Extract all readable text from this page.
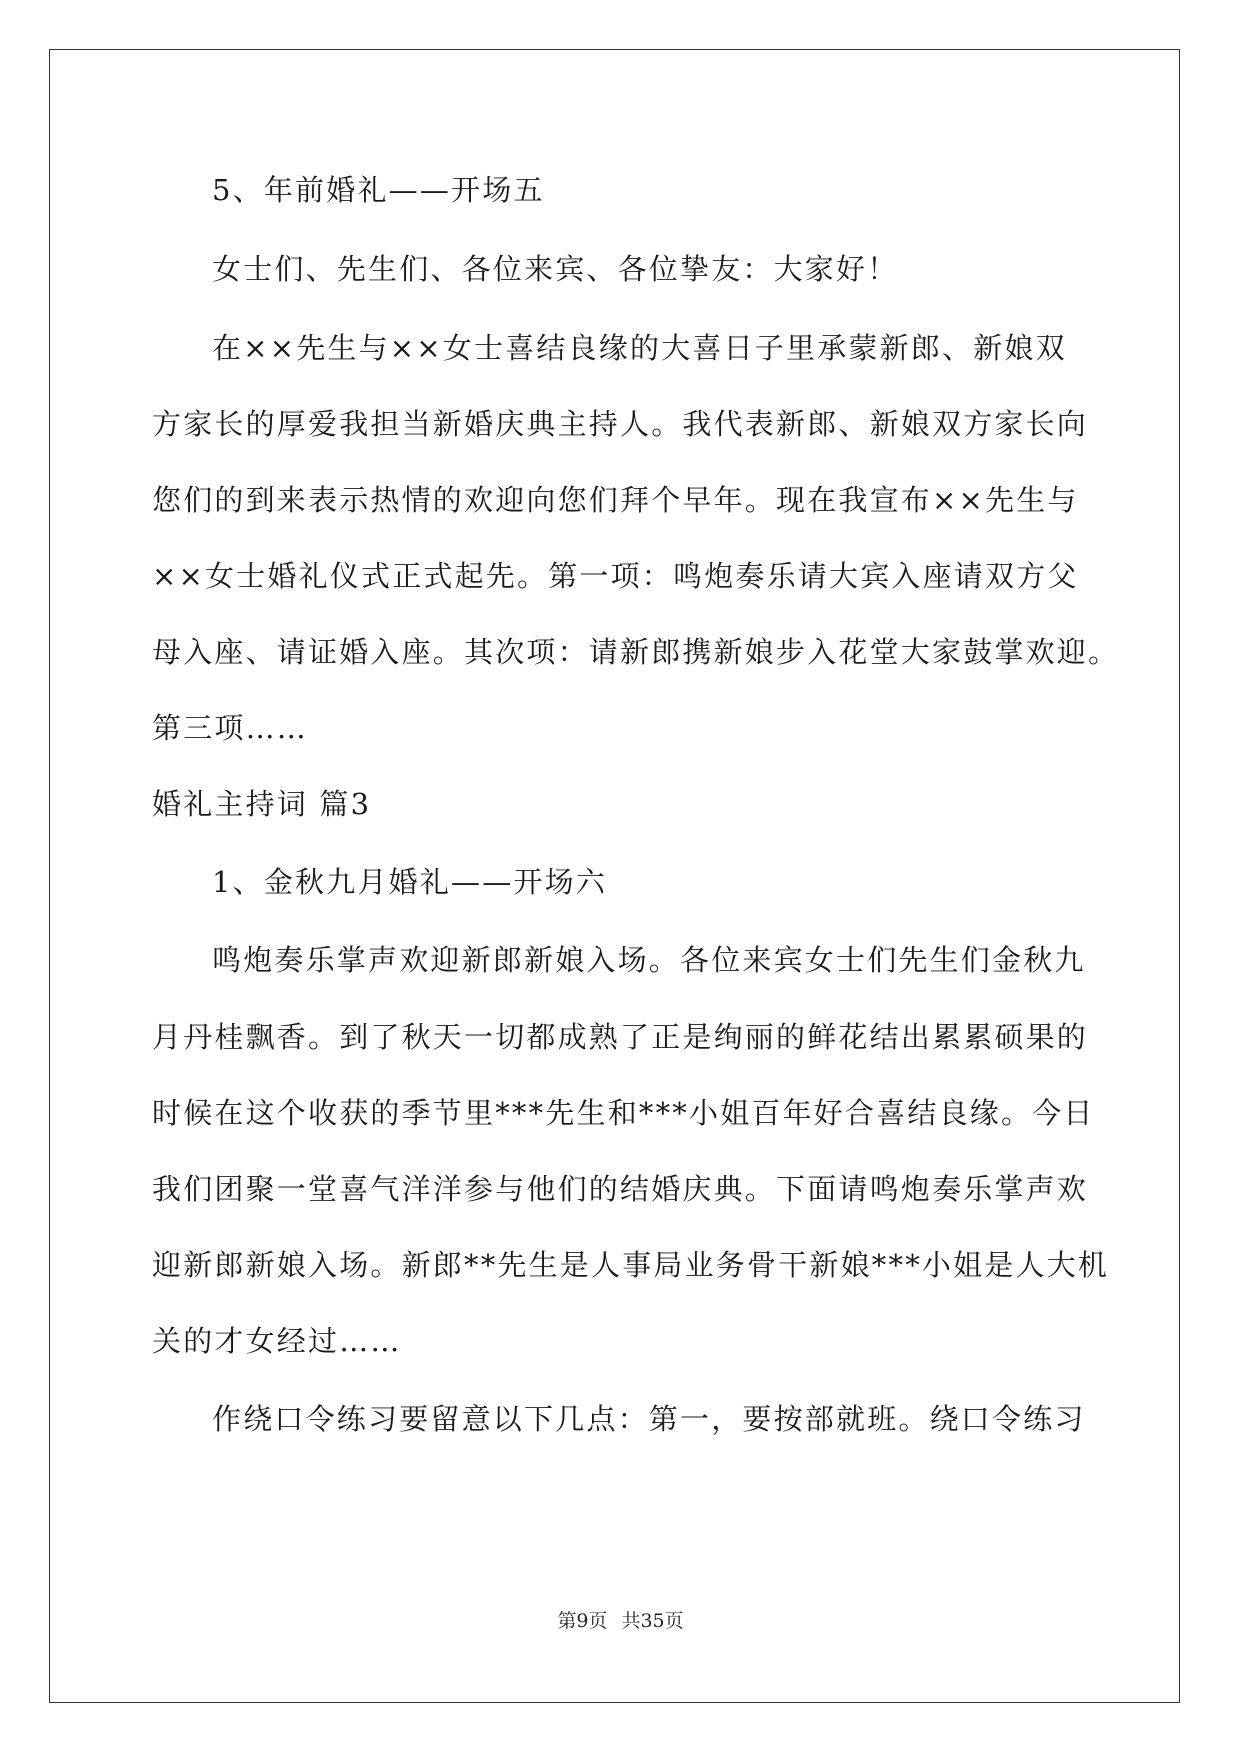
5、年前婚礼——开场五
女士们、先生们、各位来宾、各位挚友：大家好！
在××先生与××女士喜结良缘的大喜日子里承蒙新郎、新娘双
方家长的厚爱我担当新婚庆典主持人。我代表新郎、新娘双方家长向
您们的到来表示热情的欢迎向您们拜个早年。现在我宣布××先生与
××女士婚礼仪式正式起先。第一项：鸣炮奏乐请大宾入座请双方父
母入座、请证婚入座。其次项：请新郎携新娘步入花堂大家鼓掌欢迎。
第三项……
婚礼主持词 篇3
1、金秋九月婚礼——开场六
鸣炮奏乐掌声欢迎新郎新娘入场。各位来宾女士们先生们金秋九
月丹桂飘香。到了秋天一切都成熟了正是绚丽的鲜花结出累累硕果的
时候在这个收获的季节里***先生和***小姐百年好合喜结良缘。今日
我们团聚一堂喜气洋洋参与他们的结婚庆典。下面请鸣炮奏乐掌声欢
迎新郎新娘入场。新郎**先生是人事局业务骨干新娘***小姐是人大机
关的才女经过……
作绕口令练习要留意以下几点：第一，要按部就班。绕口令练习
第9页 共35页
